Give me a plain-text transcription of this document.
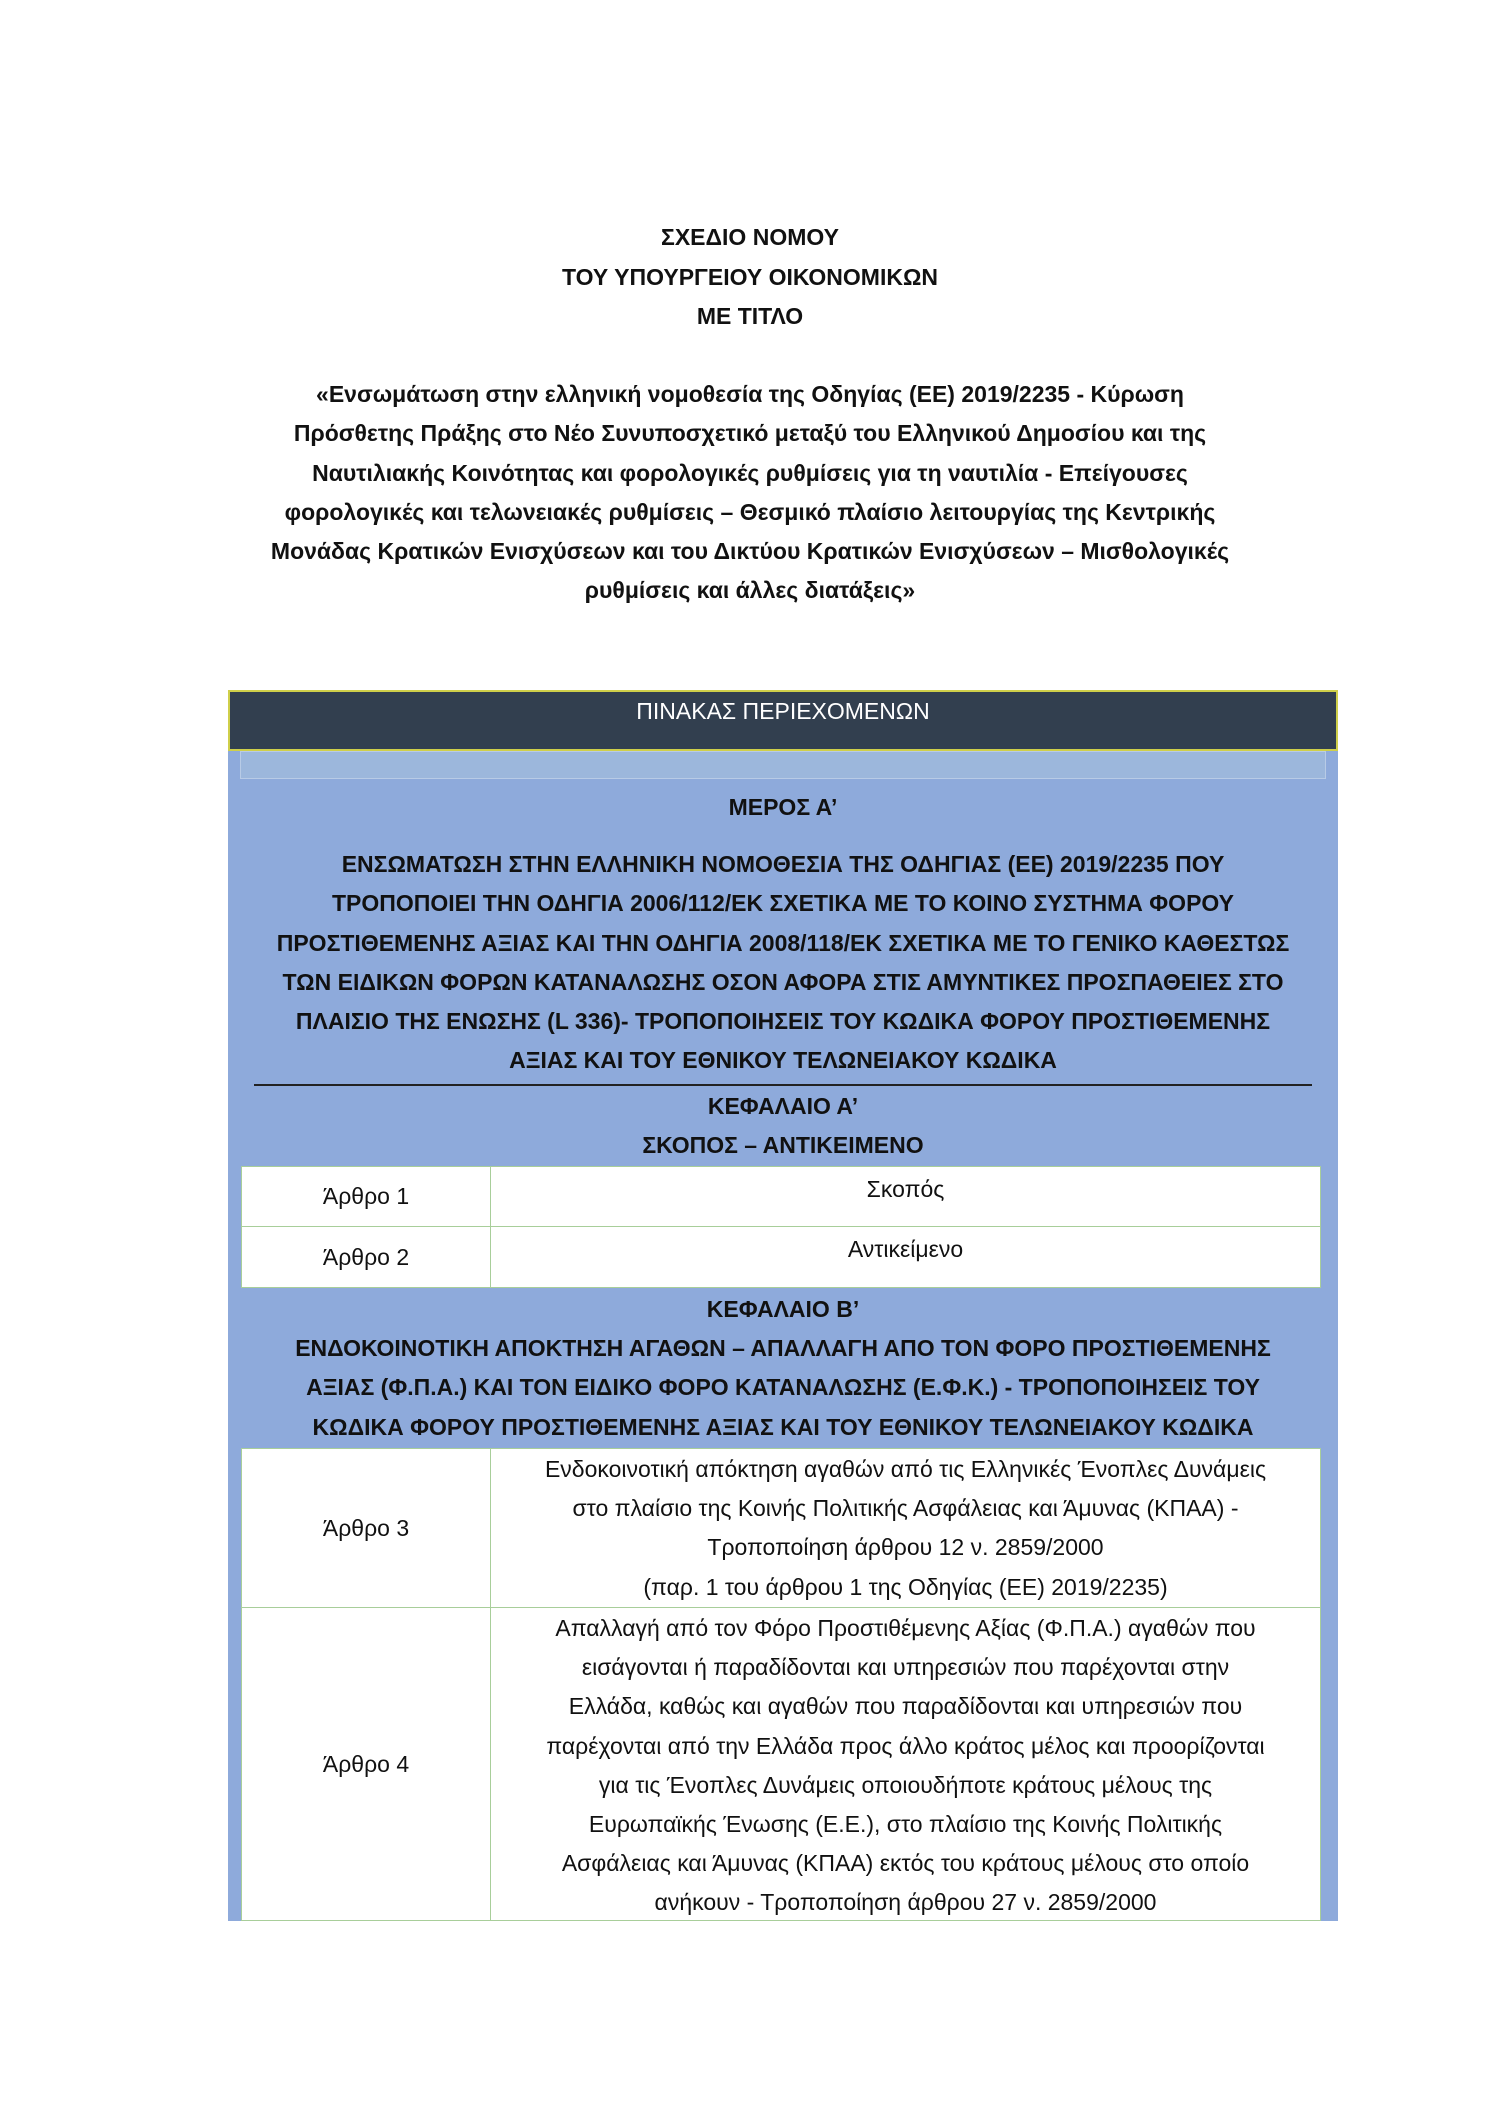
ΣΧΕΔΙΟ ΝΟΜΟΥ
ΤΟΥ ΥΠΟΥΡΓΕΙΟΥ ΟΙΚΟΝΟΜΙΚΩΝ
ΜΕ ΤΙΤΛΟ
«Ενσωμάτωση στην ελληνική νομοθεσία της Οδηγίας (ΕΕ) 2019/2235 - Κύρωση
Πρόσθετης Πράξης στο Νέο Συνυποσχετικό μεταξύ του Ελληνικού Δημοσίου και της
Ναυτιλιακής Κοινότητας και φορολογικές ρυθμίσεις για τη ναυτιλία - Επείγουσες
φορολογικές και τελωνειακές ρυθμίσεις – Θεσμικό πλαίσιο λειτουργίας της Κεντρικής
Μονάδας Κρατικών Ενισχύσεων και του Δικτύου Κρατικών Ενισχύσεων – Μισθολογικές
ρυθμίσεις και άλλες διατάξεις»
ΠΙΝΑΚΑΣ ΠΕΡΙΕΧΟΜΕΝΩΝ
ΜΕΡΟΣ Α’
ΕΝΣΩΜΑΤΩΣΗ ΣΤΗΝ ΕΛΛΗΝΙΚΗ ΝΟΜΟΘΕΣΙΑ ΤΗΣ ΟΔΗΓΙΑΣ (ΕΕ) 2019/2235 ΠΟΥ
ΤΡΟΠΟΠΟΙΕΙ ΤΗΝ ΟΔΗΓΙΑ 2006/112/ΕΚ ΣΧΕΤΙΚΑ ΜΕ ΤΟ ΚΟΙΝΟ ΣΥΣΤΗΜΑ ΦΟΡΟΥ
ΠΡΟΣΤΙΘΕΜΕΝΗΣ ΑΞΙΑΣ ΚΑΙ ΤΗΝ ΟΔΗΓΙΑ 2008/118/ΕΚ ΣΧΕΤΙΚΑ ΜΕ ΤΟ ΓΕΝΙΚΟ ΚΑΘΕΣΤΩΣ
ΤΩΝ ΕΙΔΙΚΩΝ ΦΟΡΩΝ ΚΑΤΑΝΑΛΩΣΗΣ ΟΣΟΝ ΑΦΟΡΑ ΣΤΙΣ ΑΜΥΝΤΙΚΕΣ ΠΡΟΣΠΑΘΕΙΕΣ ΣΤΟ
ΠΛΑΙΣΙΟ ΤΗΣ ΕΝΩΣΗΣ (L 336)- ΤΡΟΠΟΠΟΙΗΣΕΙΣ ΤΟΥ ΚΩΔΙΚΑ ΦΟΡΟΥ ΠΡΟΣΤΙΘΕΜΕΝΗΣ
ΑΞΙΑΣ ΚΑΙ ΤΟΥ ΕΘΝΙΚΟΥ ΤΕΛΩΝΕΙΑΚΟΥ ΚΩΔΙΚΑ
ΚΕΦΑΛΑΙΟ Α’
ΣΚΟΠΟΣ – ΑΝΤΙΚΕΙΜΕΝΟ
Άρθρο 1	Σκοπός
Άρθρο 2	Αντικείμενο
ΚΕΦΑΛΑΙΟ Β’
ΕΝΔΟΚΟΙΝΟΤΙΚΗ ΑΠΟΚΤΗΣΗ ΑΓΑΘΩΝ – ΑΠΑΛΛΑΓΗ ΑΠΟ ΤΟΝ ΦΟΡΟ ΠΡΟΣΤΙΘΕΜΕΝΗΣ
ΑΞΙΑΣ (Φ.Π.Α.) ΚΑΙ ΤΟΝ ΕΙΔΙΚΟ ΦΟΡΟ ΚΑΤΑΝΑΛΩΣΗΣ (Ε.Φ.Κ.) - ΤΡΟΠΟΠΟΙΗΣΕΙΣ ΤΟΥ
ΚΩΔΙΚΑ ΦΟΡΟΥ ΠΡΟΣΤΙΘΕΜΕΝΗΣ ΑΞΙΑΣ ΚΑΙ ΤΟΥ ΕΘΝΙΚΟΥ ΤΕΛΩΝΕΙΑΚΟΥ ΚΩΔΙΚΑ
Άρθρο 3
Ενδοκοινοτική απόκτηση αγαθών από τις Ελληνικές Ένοπλες Δυνάμεις
στο πλαίσιο της Κοινής Πολιτικής Ασφάλειας και Άμυνας (ΚΠΑΑ) -
Τροποποίηση άρθρου 12 ν. 2859/2000
(παρ. 1 του άρθρου 1 της Οδηγίας (ΕΕ) 2019/2235)
Άρθρο 4
Απαλλαγή από τον Φόρο Προστιθέμενης Αξίας (Φ.Π.Α.) αγαθών που
εισάγονται ή παραδίδονται και υπηρεσιών που παρέχονται στην
Ελλάδα, καθώς και αγαθών που παραδίδονται και υπηρεσιών που
παρέχονται από την Ελλάδα προς άλλο κράτος μέλος και προορίζονται
για τις Ένοπλες Δυνάμεις οποιουδήποτε κράτους μέλους της
Ευρωπαϊκής Ένωσης (Ε.Ε.), στο πλαίσιο της Κοινής Πολιτικής
Ασφάλειας και Άμυνας (ΚΠΑΑ) εκτός του κράτους μέλους στο οποίο
ανήκουν - Τροποποίηση άρθρου 27 ν. 2859/2000
